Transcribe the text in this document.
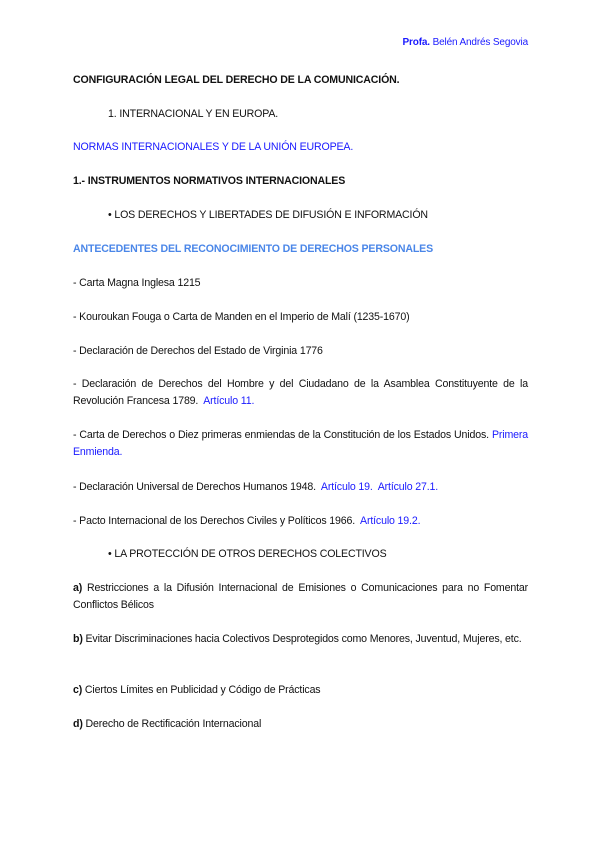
Profa. Belén Andrés Segovia
CONFIGURACIÓN LEGAL DEL DERECHO DE LA COMUNICACIÓN.
1. INTERNACIONAL Y EN EUROPA.
NORMAS INTERNACIONALES Y DE LA UNIÓN EUROPEA.
1.- INSTRUMENTOS NORMATIVOS INTERNACIONALES
• LOS DERECHOS Y LIBERTADES DE DIFUSIÓN E INFORMACIÓN
ANTECEDENTES DEL RECONOCIMIENTO DE DERECHOS PERSONALES
- Carta Magna Inglesa 1215
- Kouroukan Fouga o Carta de Manden en el Imperio de Malí (1235-1670)
- Declaración de Derechos del Estado de Virginia 1776
- Declaración de Derechos del Hombre y del Ciudadano de la Asamblea Constituyente de la Revolución Francesa 1789. Artículo 11.
- Carta de Derechos o Diez primeras enmiendas de la Constitución de los Estados Unidos. Primera Enmienda.
- Declaración Universal de Derechos Humanos 1948. Artículo 19. Artículo 27.1.
- Pacto Internacional de los Derechos Civiles y Políticos 1966. Artículo 19.2.
• LA PROTECCIÓN DE OTROS DERECHOS COLECTIVOS
a) Restricciones a la Difusión Internacional de Emisiones o Comunicaciones para no Fomentar Conflictos Bélicos
b) Evitar Discriminaciones hacia Colectivos Desprotegidos como Menores, Juventud, Mujeres, etc.
c) Ciertos Límites en Publicidad y Código de Prácticas
d) Derecho de Rectificación Internacional
